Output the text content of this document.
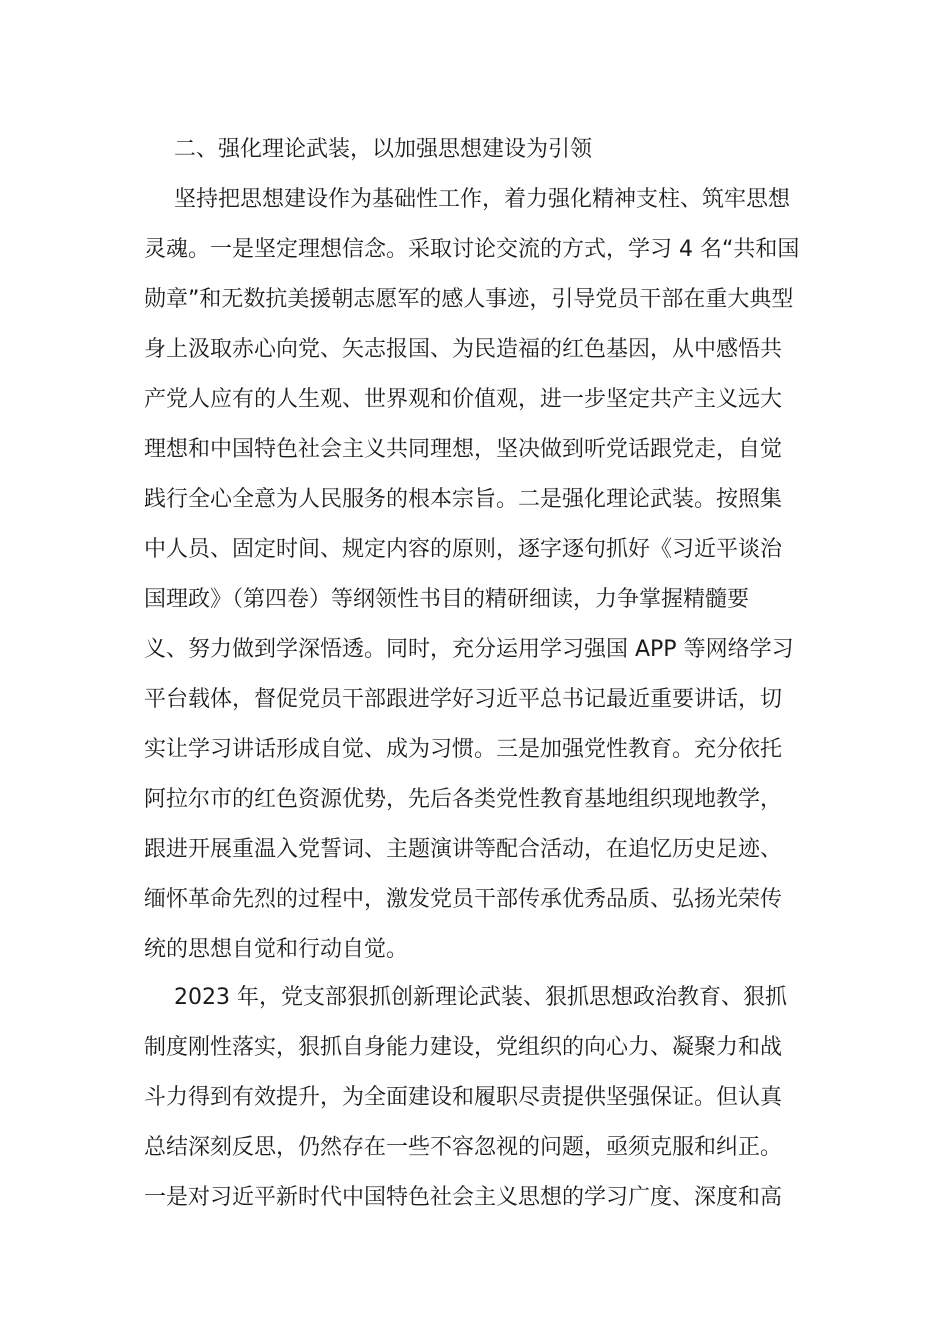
二、强化理论武装，以加强思想建设为引领
坚持把思想建设作为基础性工作，着力强化精神支柱、筑牢思想
灵魂。一是坚定理想信念。采取讨论交流的方式，学习 4 名“共和国
勋章”和无数抗美援朝志愿军的感人事迹，引导党员干部在重大典型
身上汲取赤心向党、矢志报国、为民造福的红色基因，从中感悟共
产党人应有的人生观、世界观和价值观，进一步坚定共产主义远大
理想和中国特色社会主义共同理想，坚决做到听党话跟党走，自觉
践行全心全意为人民服务的根本宗旨。二是强化理论武装。按照集
中人员、固定时间、规定内容的原则，逐字逐句抓好《习近平谈治
国理政》（第四卷）等纲领性书目的精研细读，力争掌握精髓要
义、努力做到学深悟透。同时，充分运用学习强国 APP 等网络学习
平台载体，督促党员干部跟进学好习近平总书记最近重要讲话，切
实让学习讲话形成自觉、成为习惯。三是加强党性教育。充分依托
阿拉尔市的红色资源优势，先后各类党性教育基地组织现地教学，
跟进开展重温入党誓词、主题演讲等配合活动，在追忆历史足迹、
缅怀革命先烈的过程中，激发党员干部传承优秀品质、弘扬光荣传
统的思想自觉和行动自觉。
2023 年，党支部狠抓创新理论武装、狠抓思想政治教育、狠抓
制度刚性落实，狠抓自身能力建设，党组织的向心力、凝聚力和战
斗力得到有效提升，为全面建设和履职尽责提供坚强保证。但认真
总结深刻反思，仍然存在一些不容忽视的问题，亟须克服和纠正。
一是对习近平新时代中国特色社会主义思想的学习广度、深度和高
